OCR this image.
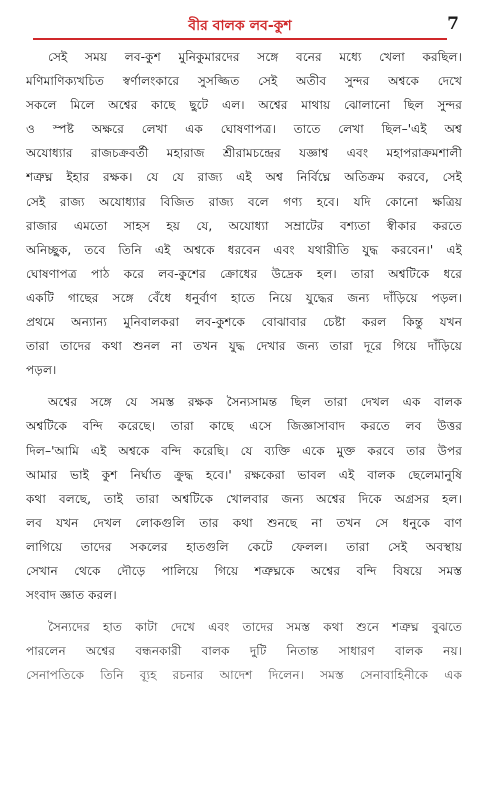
বীর বালক লব-কুশ	7
সেই সময় লব-কুশ মুনিকুমারদের সঙ্গে বনের মধ্যে খেলা করছিল।
মণিমাণিক্যখচিত স্বর্ণালংকারে সুসজ্জিত সেই অতীব সুন্দর অশ্বকে দেখে
সকলে মিলে অশ্বের কাছে ছুটে এল। অশ্বের মাথায় ঝোলানো ছিল সুন্দর
ও স্পষ্ট অক্ষরে লেখা এক ঘোষণাপত্র। তাতে লেখা ছিল–'এই অশ্ব
অযোধ্যার রাজচক্রবর্তী মহারাজ শ্রীরামচন্দ্রের যজ্ঞাশ্ব এবং মহাপরাক্রমশালী
শত্রুঘ্ন ইহার রক্ষক। যে যে রাজ্য এই অশ্ব নির্বিঘ্নে অতিক্রম করবে, সেই
সেই রাজ্য অযোধ্যার বিজিত রাজ্য বলে গণ্য হবে। যদি কোনো ক্ষত্রিয়
রাজার এমতো সাহস হয় যে, অযোধ্যা সম্রাটের বশ্যতা স্বীকার করতে
অনিচ্ছুক, তবে তিনি এই অশ্বকে ধরবেন এবং যথারীতি যুদ্ধ করবেন।' এই
ঘোষণাপত্র পাঠ করে লব-কুশের ক্রোধের উদ্রেক হল। তারা অশ্বটিকে ধরে
একটি গাছের সঙ্গে বেঁধে ধনুর্বাণ হাতে নিয়ে যুদ্ধের জন্য দাঁড়িয়ে পড়ল।
প্রথমে অন্যান্য মুনিবালকরা লব-কুশকে বোঝাবার চেষ্টা করল কিন্তু যখন
তারা তাদের কথা শুনল না তখন যুদ্ধ দেখার জন্য তারা দূরে গিয়ে দাঁড়িয়ে
পড়ল।
অশ্বের সঙ্গে যে সমস্ত রক্ষক সৈন্যসামন্ত ছিল তারা দেখল এক বালক
অশ্বটিকে বন্দি করেছে। তারা কাছে এসে জিজ্ঞাসাবাদ করতে লব উত্তর
দিল–'আমি এই অশ্বকে বন্দি করেছি। যে ব্যক্তি একে মুক্ত করবে তার উপর
আমার ভাই কুশ নির্ঘাত ক্রুদ্ধ হবে।' রক্ষকেরা ভাবল এই বালক ছেলেমানুষি
কথা বলছে, তাই তারা অশ্বটিকে খোলবার জন্য অশ্বের দিকে অগ্রসর হল।
লব যখন দেখল লোকগুলি তার কথা শুনছে না তখন সে ধনুকে বাণ
লাগিয়ে তাদের সকলের হাতগুলি কেটে ফেলল। তারা সেই অবস্থায়
সেখান থেকে দৌড়ে পালিয়ে গিয়ে শত্রুঘ্নকে অশ্বের বন্দি বিষয়ে সমস্ত
সংবাদ জ্ঞাত করল।
সৈন্যদের হাত কাটা দেখে এবং তাদের সমস্ত কথা শুনে শত্রুঘ্ন বুঝতে
পারলেন অশ্বের বন্ধনকারী বালক দুটি নিতান্ত সাধারণ বালক নয়।
সেনাপতিকে তিনি ব্যূহ রচনার আদেশ দিলেন। সমস্ত সেনাবাহিনীকে এক
